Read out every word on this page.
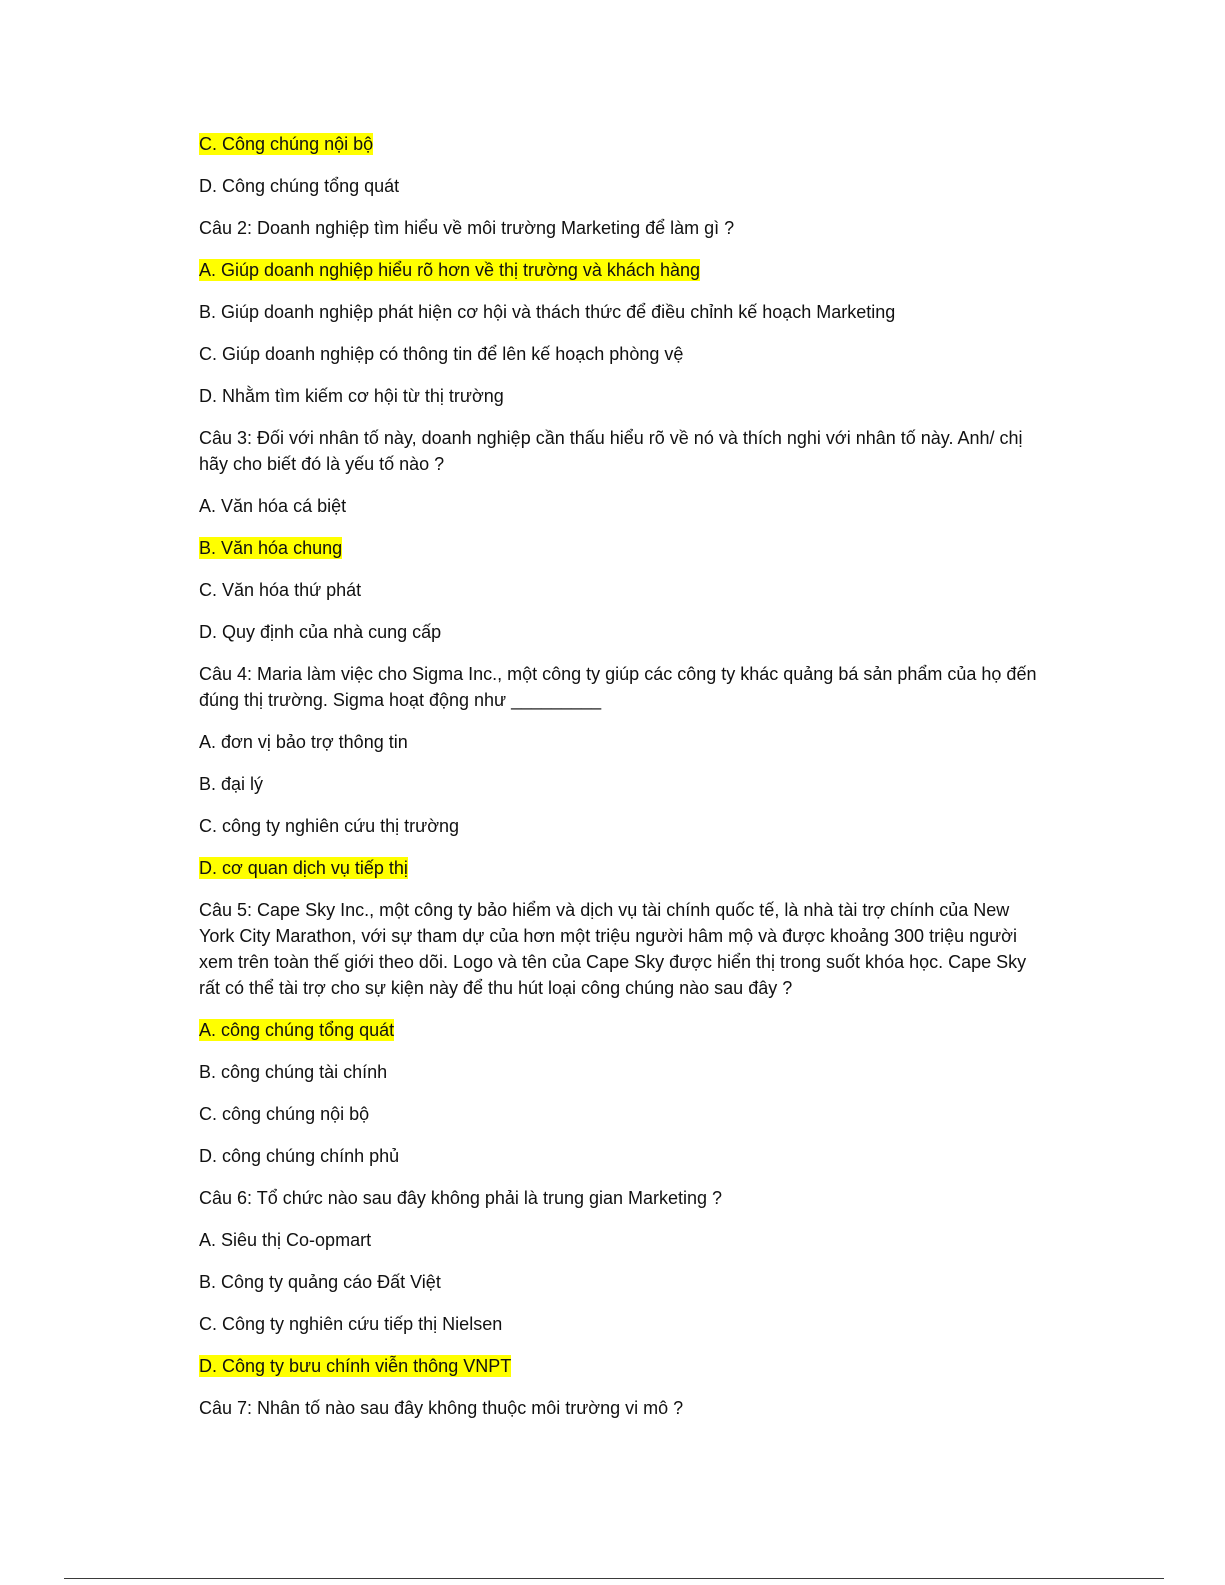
C. Công chúng nội bộ
D. Công chúng tổng quát
Câu 2: Doanh nghiệp tìm hiểu về môi trường Marketing để làm gì ?
A. Giúp doanh nghiệp hiểu rõ hơn về thị trường và khách hàng
B. Giúp doanh nghiệp phát hiện cơ hội và thách thức để điều chỉnh kế hoạch Marketing
C. Giúp doanh nghiệp có thông tin để lên kế hoạch phòng vệ
D. Nhằm tìm kiếm cơ hội từ thị trường
Câu 3: Đối với nhân tố này, doanh nghiệp cần thấu hiểu rõ về nó và thích nghi với nhân tố này. Anh/ chị hãy cho biết đó là yếu tố nào ?
A. Văn hóa cá biệt
B. Văn hóa chung
C. Văn hóa thứ phát
D. Quy định của nhà cung cấp
Câu 4: Maria làm việc cho Sigma Inc., một công ty giúp các công ty khác quảng bá sản phẩm của họ đến đúng thị trường. Sigma hoạt động như _________
A. đơn vị bảo trợ thông tin
B. đại lý
C. công ty nghiên cứu thị trường
D. cơ quan dịch vụ tiếp thị
Câu 5: Cape Sky Inc., một công ty bảo hiểm và dịch vụ tài chính quốc tế, là nhà tài trợ chính của New York City Marathon, với sự tham dự của hơn một triệu người hâm mộ và được khoảng 300 triệu người xem trên toàn thế giới theo dõi. Logo và tên của Cape Sky được hiển thị trong suốt khóa học. Cape Sky rất có thể tài trợ cho sự kiện này để thu hút loại công chúng nào sau đây ?
A. công chúng tổng quát
B. công chúng tài chính
C. công chúng nội bộ
D. công chúng chính phủ
Câu 6: Tổ chức nào sau đây không phải là trung gian Marketing ?
A. Siêu thị Co-opmart
B. Công ty quảng cáo Đất Việt
C. Công ty nghiên cứu tiếp thị Nielsen
D. Công ty bưu chính viễn thông VNPT
Câu 7: Nhân tố nào sau đây không thuộc môi trường vi mô ?
